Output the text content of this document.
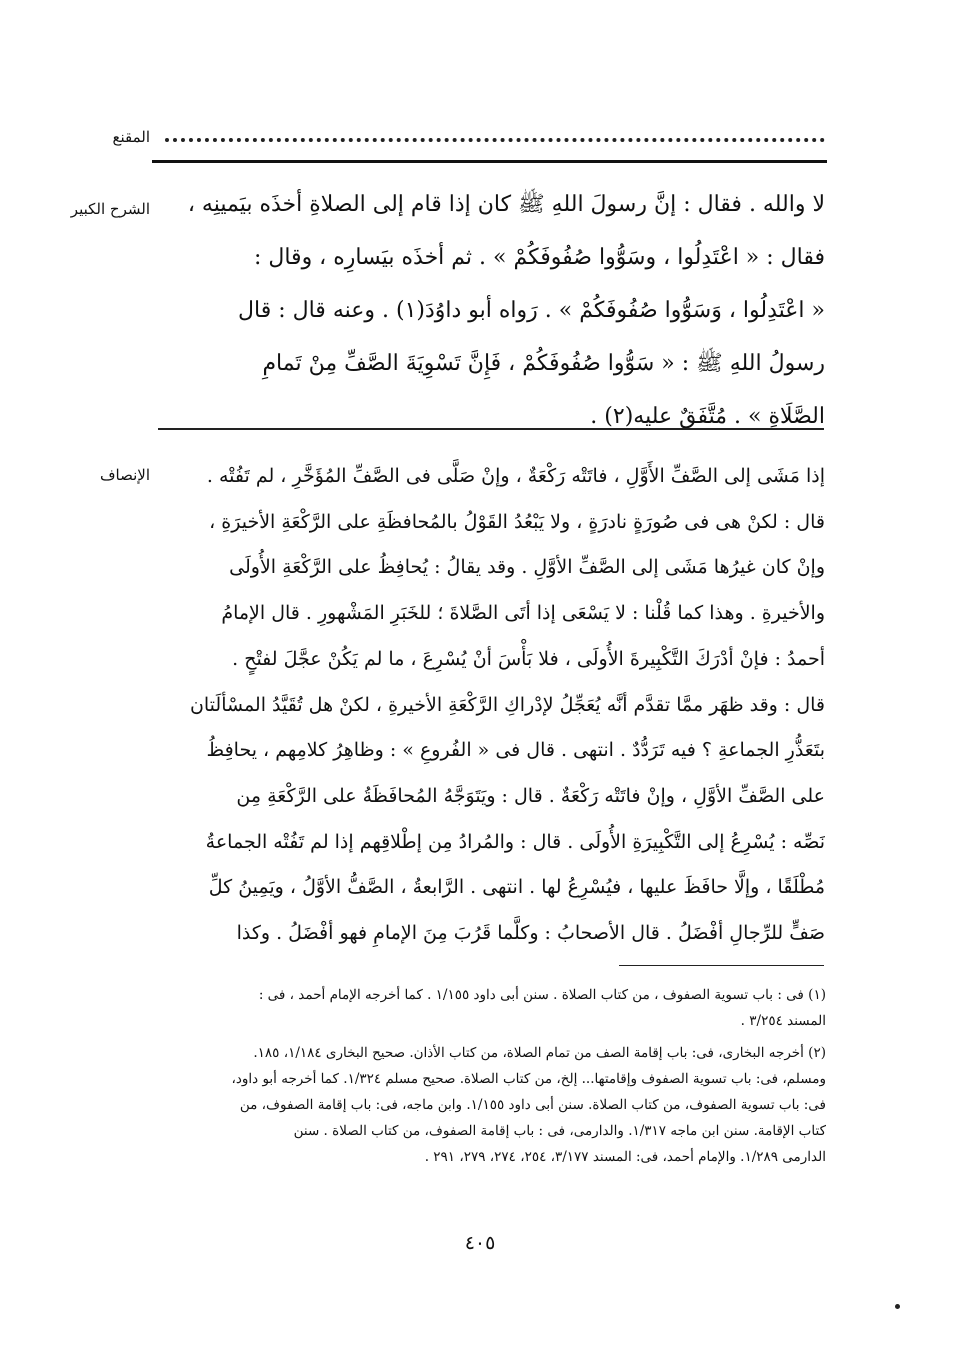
المقنع
الشرح الكبير	لا والله . فقال : إنَّ رسولَ اللهِ ﷺ كان إذا قام إلى الصلاةِ أخذَه بيَمينِه ،
فقال : « اعْتَدِلُوا ، وسَوُّوا صُفُوفَكُمْ » . ثم أخذَه بيَسارِه ، وقال :
« اعْتَدِلُوا ، وَسَوُّوا صُفُوفَكُمْ » . رَواه أبو داوُدَ(١) . وعنه قال : قال
رسولُ اللهِ ﷺ : « سَوُّوا صُفُوفَكُمْ ، فَإِنَّ تَسْوِيَةَ الصَّفِّ مِنْ تَمامِ
الصَّلَاةِ » . مُتَّفَقٌ عليه(٢) .
الإنصاف	إذا مَشَى إلى الصَّفِّ الأَوَّلِ ، فاتَتْه رَكْعَةٌ ، وإنْ صَلَّى فى الصَّفِّ المُؤَخَّرِ ، لم تَفُتْه .
قال : لكنْ هى فى صُورَةٍ نادرَةٍ ، ولا يَبْعُدُ القَوْلُ بالمُحافظَةِ على الرَّكْعَةِ الأخيرَةِ ،
وإنْ كان غيرُها مَشَى إلى الصَّفِّ الأوَّلِ . وقد يقالُ : يُحافِظُ على الرَّكْعَةِ الأُولَى
والأخيرةِ . وهذا كما قُلْنا : لا يَسْعَى إذا أتَى الصَّلاةَ ؛ للخَبَرِ المَشْهورِ . قال الإمامُ
أحمدُ : فإنْ أدْرَكَ التَّكْبِيرةَ الأُولَى ، فلا بَأْسَ أنْ يُسْرِعَ ، ما لم يَكُنْ عجَّلَ لفتْحٍ .
قال : وقد ظهَر ممَّا تقدَّم أنَّه يُعَجِّلُ لإدْراكِ الرَّكْعَةِ الأخيرةِ ، لكنْ هل تُقَيَّدُ المسْألَتان
بتَعَذُّرِ الجماعةِ ؟ فيه تَرَدُّدٌ . انتهى . قال فى « الفُروعِ » : وظاهِرُ كلامِهم ، يحافِظُ
على الصَّفِّ الأوَّلِ ، وإنْ فاتَتْه رَكْعَةٌ . قال : ويَتَوَجَّهُ المُحافَظَةُ على الرَّكْعَةِ مِن
نَصِّه : يُسْرِعُ إلى التَّكْبِيرَةِ الأُولَى . قال : والمُرادُ مِن إطْلاقِهم إذا لم تَفُتْه الجماعةُ
مُطْلَقًا ، وإلَّا حافَظَ عليها ، فيُسْرِعُ لها . انتهى . الرَّابعةُ ، الصَّفُّ الأوَّلُ ، ويَمِينُ كلِّ
صَفٍّ للرِّجالِ أفْضَلُ . قال الأصحابُ : وكلَّما قَرُبَ مِنَ الإمامِ فهو أفْضَلُ . وكذا
(١) فى : باب تسوية الصفوف ، من كتاب الصلاة . سنن أبى داود ١/١٥٥ . كما أخرجه الإمام أحمد ، فى :
المسند ٣/٢٥٤ .
(٢) أخرجه البخارى، فى: باب إقامة الصف من تمام الصلاة، من كتاب الأذان. صحيح البخارى ١/١٨٤، ١٨٥.
ومسلم، فى: باب تسوية الصفوف وإقامتها... إلخ، من كتاب الصلاة. صحيح مسلم ١/٣٢٤. كما أخرجه أبو داود،
فى: باب تسوية الصفوف، من كتاب الصلاة. سنن أبى داود ١/١٥٥. وابن ماجه، فى: باب إقامة الصفوف، من
كتاب الإقامة. سنن ابن ماجه ١/٣١٧. والدارمى، فى : باب إقامة الصفوف، من كتاب الصلاة . سنن
الدارمى ١/٢٨٩. والإمام أحمد، فى: المسند ٣/١٧٧، ٢٥٤، ٢٧٤، ٢٧٩، ٢٩١ .
٤٠٥
